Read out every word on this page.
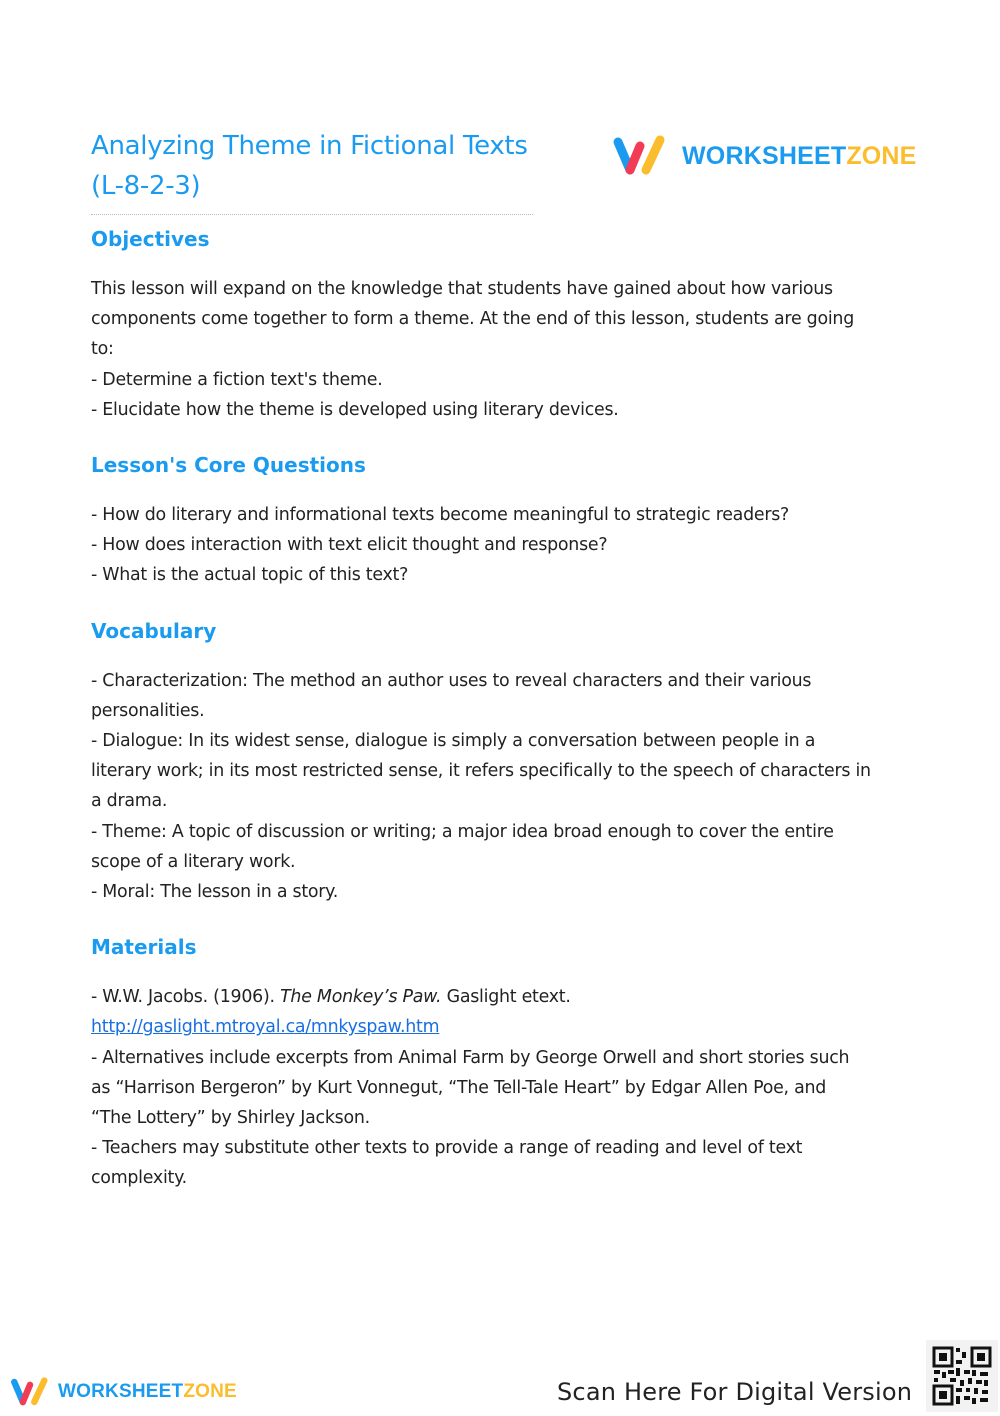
Analyzing Theme in Fictional Texts
(L-8-2-3)
WORKSHEETZONE
Objectives
This lesson will expand on the knowledge that students have gained about how various
components come together to form a theme. At the end of this lesson, students are going
to:
- Determine a fiction text's theme.
- Elucidate how the theme is developed using literary devices.
Lesson's Core Questions
- How do literary and informational texts become meaningful to strategic readers?
- How does interaction with text elicit thought and response?
- What is the actual topic of this text?
Vocabulary
- Characterization: The method an author uses to reveal characters and their various
personalities.
- Dialogue: In its widest sense, dialogue is simply a conversation between people in a
literary work; in its most restricted sense, it refers specifically to the speech of characters in
a drama.
- Theme: A topic of discussion or writing; a major idea broad enough to cover the entire
scope of a literary work.
- Moral: The lesson in a story.
Materials
- W.W. Jacobs. (1906). The Monkey’s Paw. Gaslight etext.
http://gaslight.mtroyal.ca/mnkyspaw.htm
- Alternatives include excerpts from Animal Farm by George Orwell and short stories such
as “Harrison Bergeron” by Kurt Vonnegut, “The Tell-Tale Heart” by Edgar Allen Poe, and
“The Lottery” by Shirley Jackson.
- Teachers may substitute other texts to provide a range of reading and level of text
complexity.
WORKSHEETZONE	Scan Here For Digital Version
